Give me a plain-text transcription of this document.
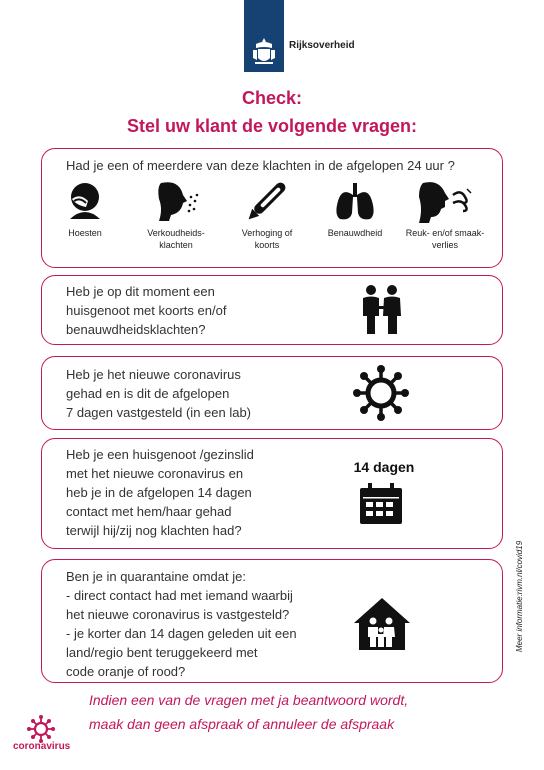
Rijksoverheid
Check:
Stel uw klant de volgende vragen:
Had je een of meerdere van deze klachten in de afgelopen 24 uur ?
Hoesten	Verkoudheids-
klachten
Verhoging of
koorts
Benauwdheid	Reuk- en/of smaak-
verlies
Heb je op dit moment een
huisgenoot met koorts en/of
benauwdheidsklachten?
Heb je het nieuwe coronavirus
gehad en is dit de afgelopen
7 dagen vastgesteld (in een lab)
Heb je een huisgenoot /gezinslid
met het nieuwe coronavirus en
heb je in de afgelopen 14 dagen
contact met hem/haar gehad
terwijl hij/zij nog klachten had?
14 dagen
Ben je in quarantaine omdat je:
- direct contact had met iemand waarbij
het nieuwe coronavirus is vastgesteld?
- je korter dan 14 dagen geleden uit een
land/regio bent teruggekeerd met
code oranje of rood?
Indien een van de vragen met ja beantwoord wordt,
maak dan geen afspraak of annuleer de afspraak
coronavirus
Meer informatie:rivm.nl/covid19
